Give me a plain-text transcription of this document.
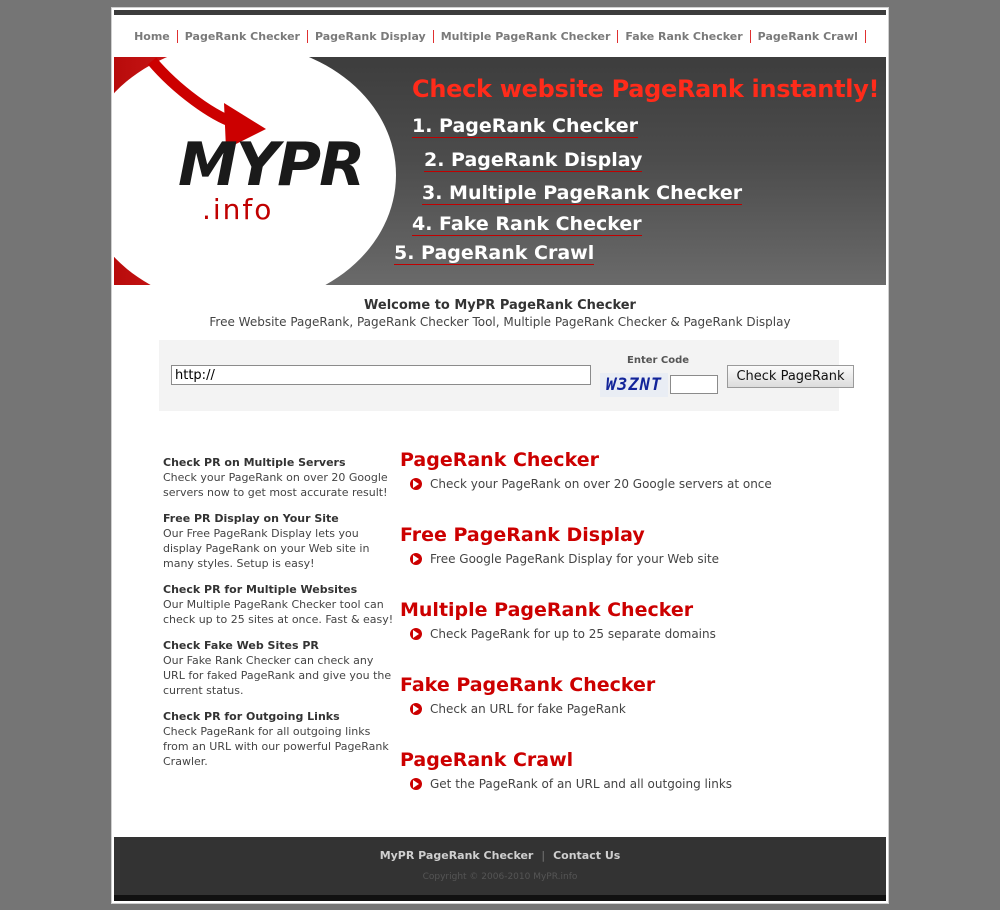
Home PageRank Checker PageRank Display Multiple PageRank Checker Fake Rank Checker PageRank Crawl
MYPR
.info
Check website PageRank instantly!
1. PageRank Checker
2. PageRank Display
3. Multiple PageRank Checker
4. Fake Rank Checker
5. PageRank Crawl
Welcome to MyPR PageRank Checker
Free Website PageRank, PageRank Checker Tool, Multiple PageRank Checker & PageRank Display
http://
Enter Code
W3ZNT	Check PageRank
Check PR on Multiple Servers
Check your PageRank on over 20 Google servers now to get most accurate result!
Free PR Display on Your Site
Our Free PageRank Display lets you display PageRank on your Web site in many styles. Setup is easy!
Check PR for Multiple Websites
Our Multiple PageRank Checker tool can check up to 25 sites at once. Fast & easy!
Check Fake Web Sites PR
Our Fake Rank Checker can check any URL for faked PageRank and give you the current status.
Check PR for Outgoing Links
Check PageRank for all outgoing links from an URL with our powerful PageRank Crawler.
PageRank Checker
Check your PageRank on over 20 Google servers at once
Free PageRank Display
Free Google PageRank Display for your Web site
Multiple PageRank Checker
Check PageRank for up to 25 separate domains
Fake PageRank Checker
Check an URL for fake PageRank
PageRank Crawl
Get the PageRank of an URL and all outgoing links
MyPR PageRank Checker | Contact Us
Copyright © 2006-2010 MyPR.info
